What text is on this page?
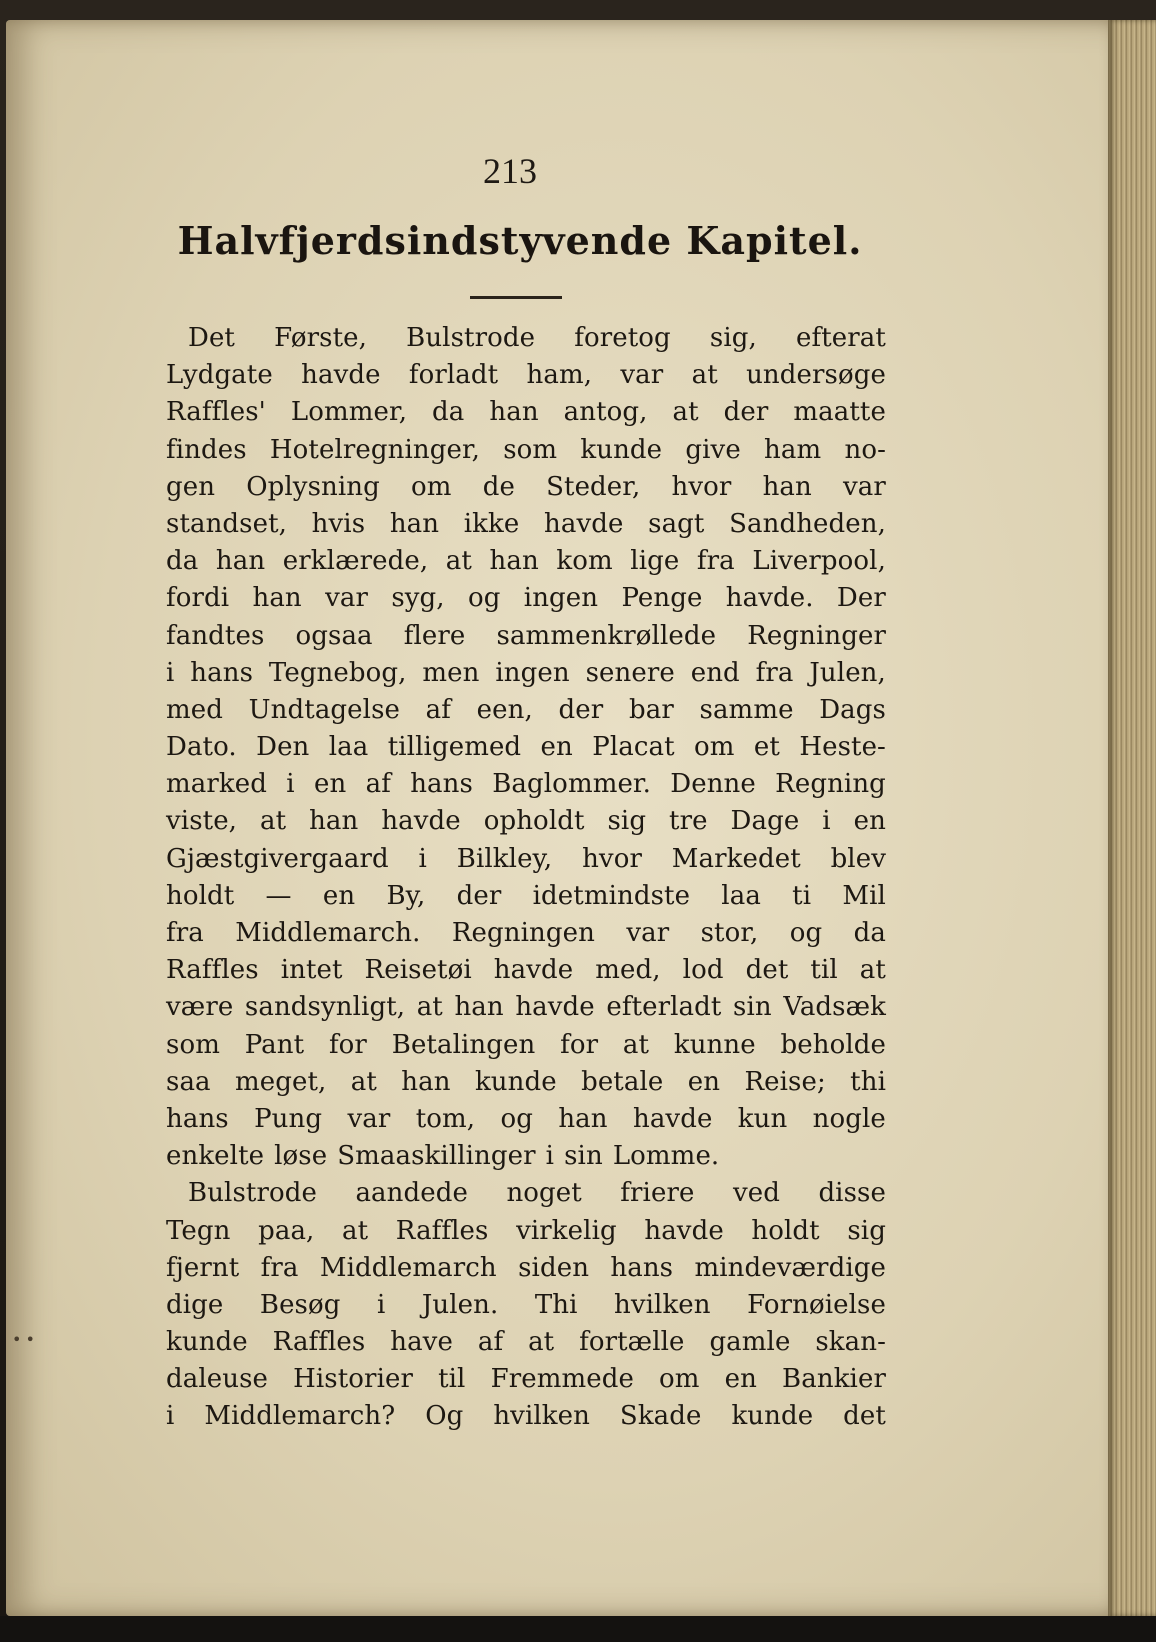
213
Halvfjerdsindstyvende Kapitel.
••
Det Første, Bulstrode foretog sig, efterat
Lydgate havde forladt ham, var at undersøge
Raffles' Lommer, da han antog, at der maatte
findes Hotelregninger, som kunde give ham no-
gen Oplysning om de Steder, hvor han var
standset, hvis han ikke havde sagt Sandheden,
da han erklærede, at han kom lige fra Liverpool,
fordi han var syg, og ingen Penge havde. Der
fandtes ogsaa flere sammenkrøllede Regninger
i hans Tegnebog, men ingen senere end fra Julen,
med Undtagelse af een, der bar samme Dags
Dato. Den laa tilligemed en Placat om et Heste-
marked i en af hans Baglommer. Denne Regning
viste, at han havde opholdt sig tre Dage i en
Gjæstgivergaard i Bilkley, hvor Markedet blev
holdt — en By, der idetmindste laa ti Mil
fra Middlemarch. Regningen var stor, og da
Raffles intet Reisetøi havde med, lod det til at
være sandsynligt, at han havde efterladt sin Vadsæk
som Pant for Betalingen for at kunne beholde
saa meget, at han kunde betale en Reise; thi
hans Pung var tom, og han havde kun nogle
enkelte løse Smaaskillinger i sin Lomme.
Bulstrode aandede noget friere ved disse
Tegn paa, at Raffles virkelig havde holdt sig
fjernt fra Middlemarch siden hans mindeværdige
dige Besøg i Julen. Thi hvilken Fornøielse
kunde Raffles have af at fortælle gamle skan-
daleuse Historier til Fremmede om en Bankier
i Middlemarch? Og hvilken Skade kunde det
